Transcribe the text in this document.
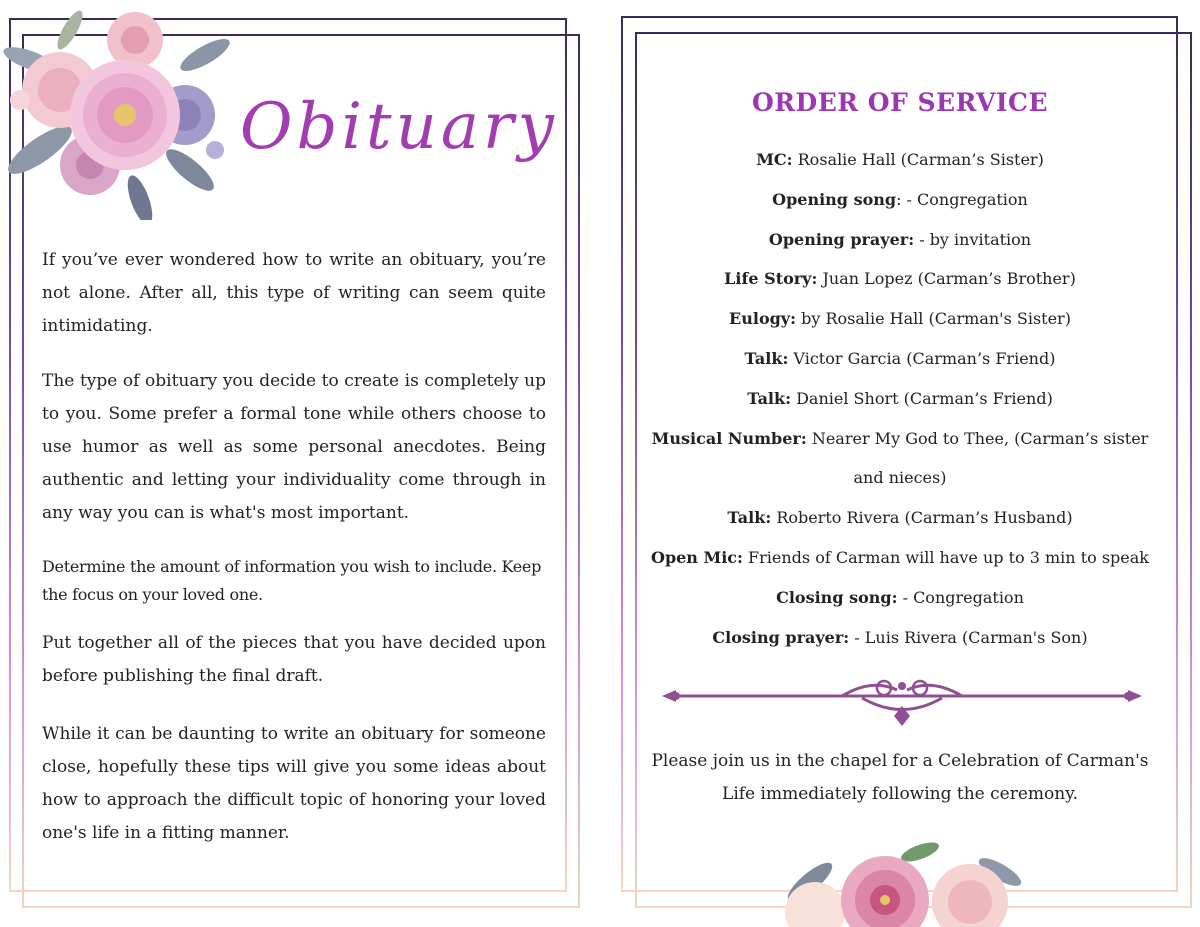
Obituary
If you’ve ever wondered how to write an obituary, you’re not alone. After all, this type of writing can seem quite intimidating.
The type of obituary you decide to create is completely up to you. Some prefer a formal tone while others choose to use humor as well as some personal anecdotes. Being authentic and letting your individuality come through in any way you can is what's most important.
Determine the amount of information you wish to include. Keep the focus on your loved one.
Put together all of the pieces that you have decided upon before publishing the final draft.
While it can be daunting to write an obituary for someone close, hopefully these tips will give you some ideas about how to approach the difficult topic of honoring your loved one's life in a fitting manner.
ORDER OF SERVICE
MC: Rosalie Hall (Carman’s Sister)
Opening song: - Congregation
Opening prayer: - by invitation
Life Story: Juan Lopez (Carman’s Brother)
Eulogy: by Rosalie Hall (Carman's Sister)
Talk: Victor Garcia (Carman’s Friend)
Talk: Daniel Short (Carman’s Friend)
Musical Number: Nearer My God to Thee, (Carman’s sister and nieces)
Talk: Roberto Rivera (Carman’s Husband)
Open Mic: Friends of Carman will have up to 3 min to speak
Closing song: - Congregation
Closing prayer: - Luis Rivera (Carman's Son)
Please join us in the chapel for a Celebration of Carman's Life immediately following the ceremony.
